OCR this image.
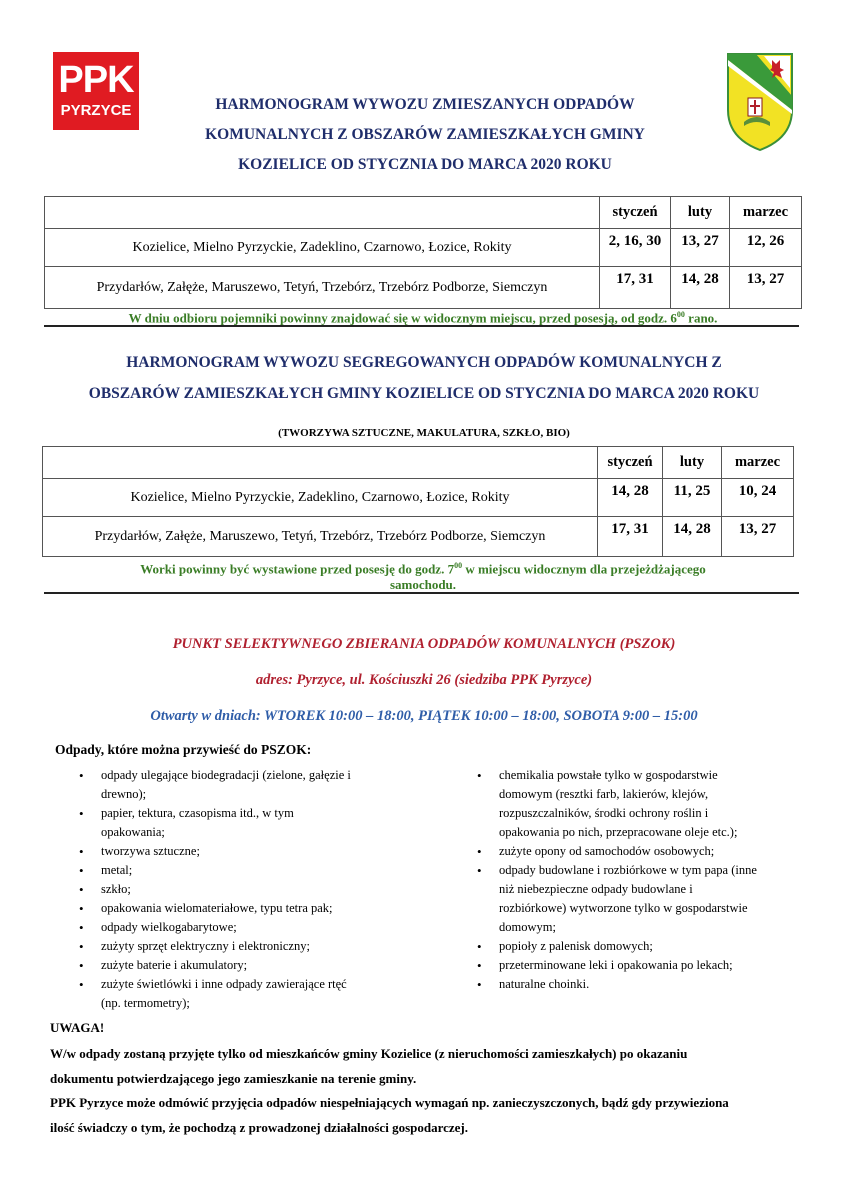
PPK
PYRZYCE	HARMONOGRAM WYWOZU ZMIESZANYCH ODPADÓW
KOMUNALNYCH Z OBSZARÓW ZAMIESZKAŁYCH GMINY
KOZIELICE OD STYCZNIA DO MARCA 2020 ROKU
	styczeń	luty	marzec
Kozielice, Mielno Pyrzyckie, Zadeklino, Czarnowo, Łozice, Rokity	2, 16, 30	13, 27	12, 26
Przydarłów, Załęże, Maruszewo, Tetyń, Trzebórz, Trzebórz Podborze, Siemczyn	17, 31	14, 28	13, 27
W dniu odbioru pojemniki powinny znajdować się w widocznym miejscu, przed posesją, od godz. $6^{00}$ rano.
HARMONOGRAM WYWOZU SEGREGOWANYCH ODPADÓW KOMUNALNYCH Z
OBSZARÓW ZAMIESZKAŁYCH GMINY KOZIELICE OD STYCZNIA DO MARCA 2020 ROKU
(TWORZYWA SZTUCZNE, MAKULATURA, SZKŁO, BIO)
	styczeń	luty	marzec
Kozielice, Mielno Pyrzyckie, Zadeklino, Czarnowo, Łozice, Rokity	14, 28	11, 25	10, 24
Przydarłów, Załęże, Maruszewo, Tetyń, Trzebórz, Trzebórz Podborze, Siemczyn	17, 31	14, 28	13, 27
Worki powinny być wystawione przed posesję do godz. $7^{00}$ w miejscu widocznym dla przejeżdżającego
samochodu.
PUNKT SELEKTYWNEGO ZBIERANIA ODPADÓW KOMUNALNYCH (PSZOK)
adres: Pyrzyce, ul. Kościuszki 26 (siedziba PPK Pyrzyce)
Otwarty w dniach: WTOREK 10:00 – 18:00, PIĄTEK 10:00 – 18:00, SOBOTA 9:00 – 15:00
Odpady, które można przywieść do PSZOK:
• odpady ulegające biodegradacji (zielone, gałęzie i
drewno);
• papier, tektura, czasopisma itd., w tym
opakowania;
• tworzywa sztuczne;
• metal;
• szkło;
• opakowania wielomateriałowe, typu tetra pak;
• odpady wielkogabarytowe;
• zużyty sprzęt elektryczny i elektroniczny;
• zużyte baterie i akumulatory;
• zużyte świetlówki i inne odpady zawierające rtęć
(np. termometry);
• chemikalia powstałe tylko w gospodarstwie
domowym (resztki farb, lakierów, klejów,
rozpuszczalników, środki ochrony roślin i
opakowania po nich, przepracowane oleje etc.);
• zużyte opony od samochodów osobowych;
• odpady budowlane i rozbiórkowe w tym papa (inne
niż niebezpieczne odpady budowlane i
rozbiórkowe) wytworzone tylko w gospodarstwie
domowym;
• popioły z palenisk domowych;
• przeterminowane leki i opakowania po lekach;
• naturalne choinki.
UWAGA!
W/w odpady zostaną przyjęte tylko od mieszkańców gminy Kozielice (z nieruchomości zamieszkałych) po okazaniu
dokumentu potwierdzającego jego zamieszkanie na terenie gminy.
PPK Pyrzyce może odmówić przyjęcia odpadów niespełniających wymagań np. zanieczyszczonych, bądź gdy przywieziona
ilość świadczy o tym, że pochodzą z prowadzonej działalności gospodarczej.
